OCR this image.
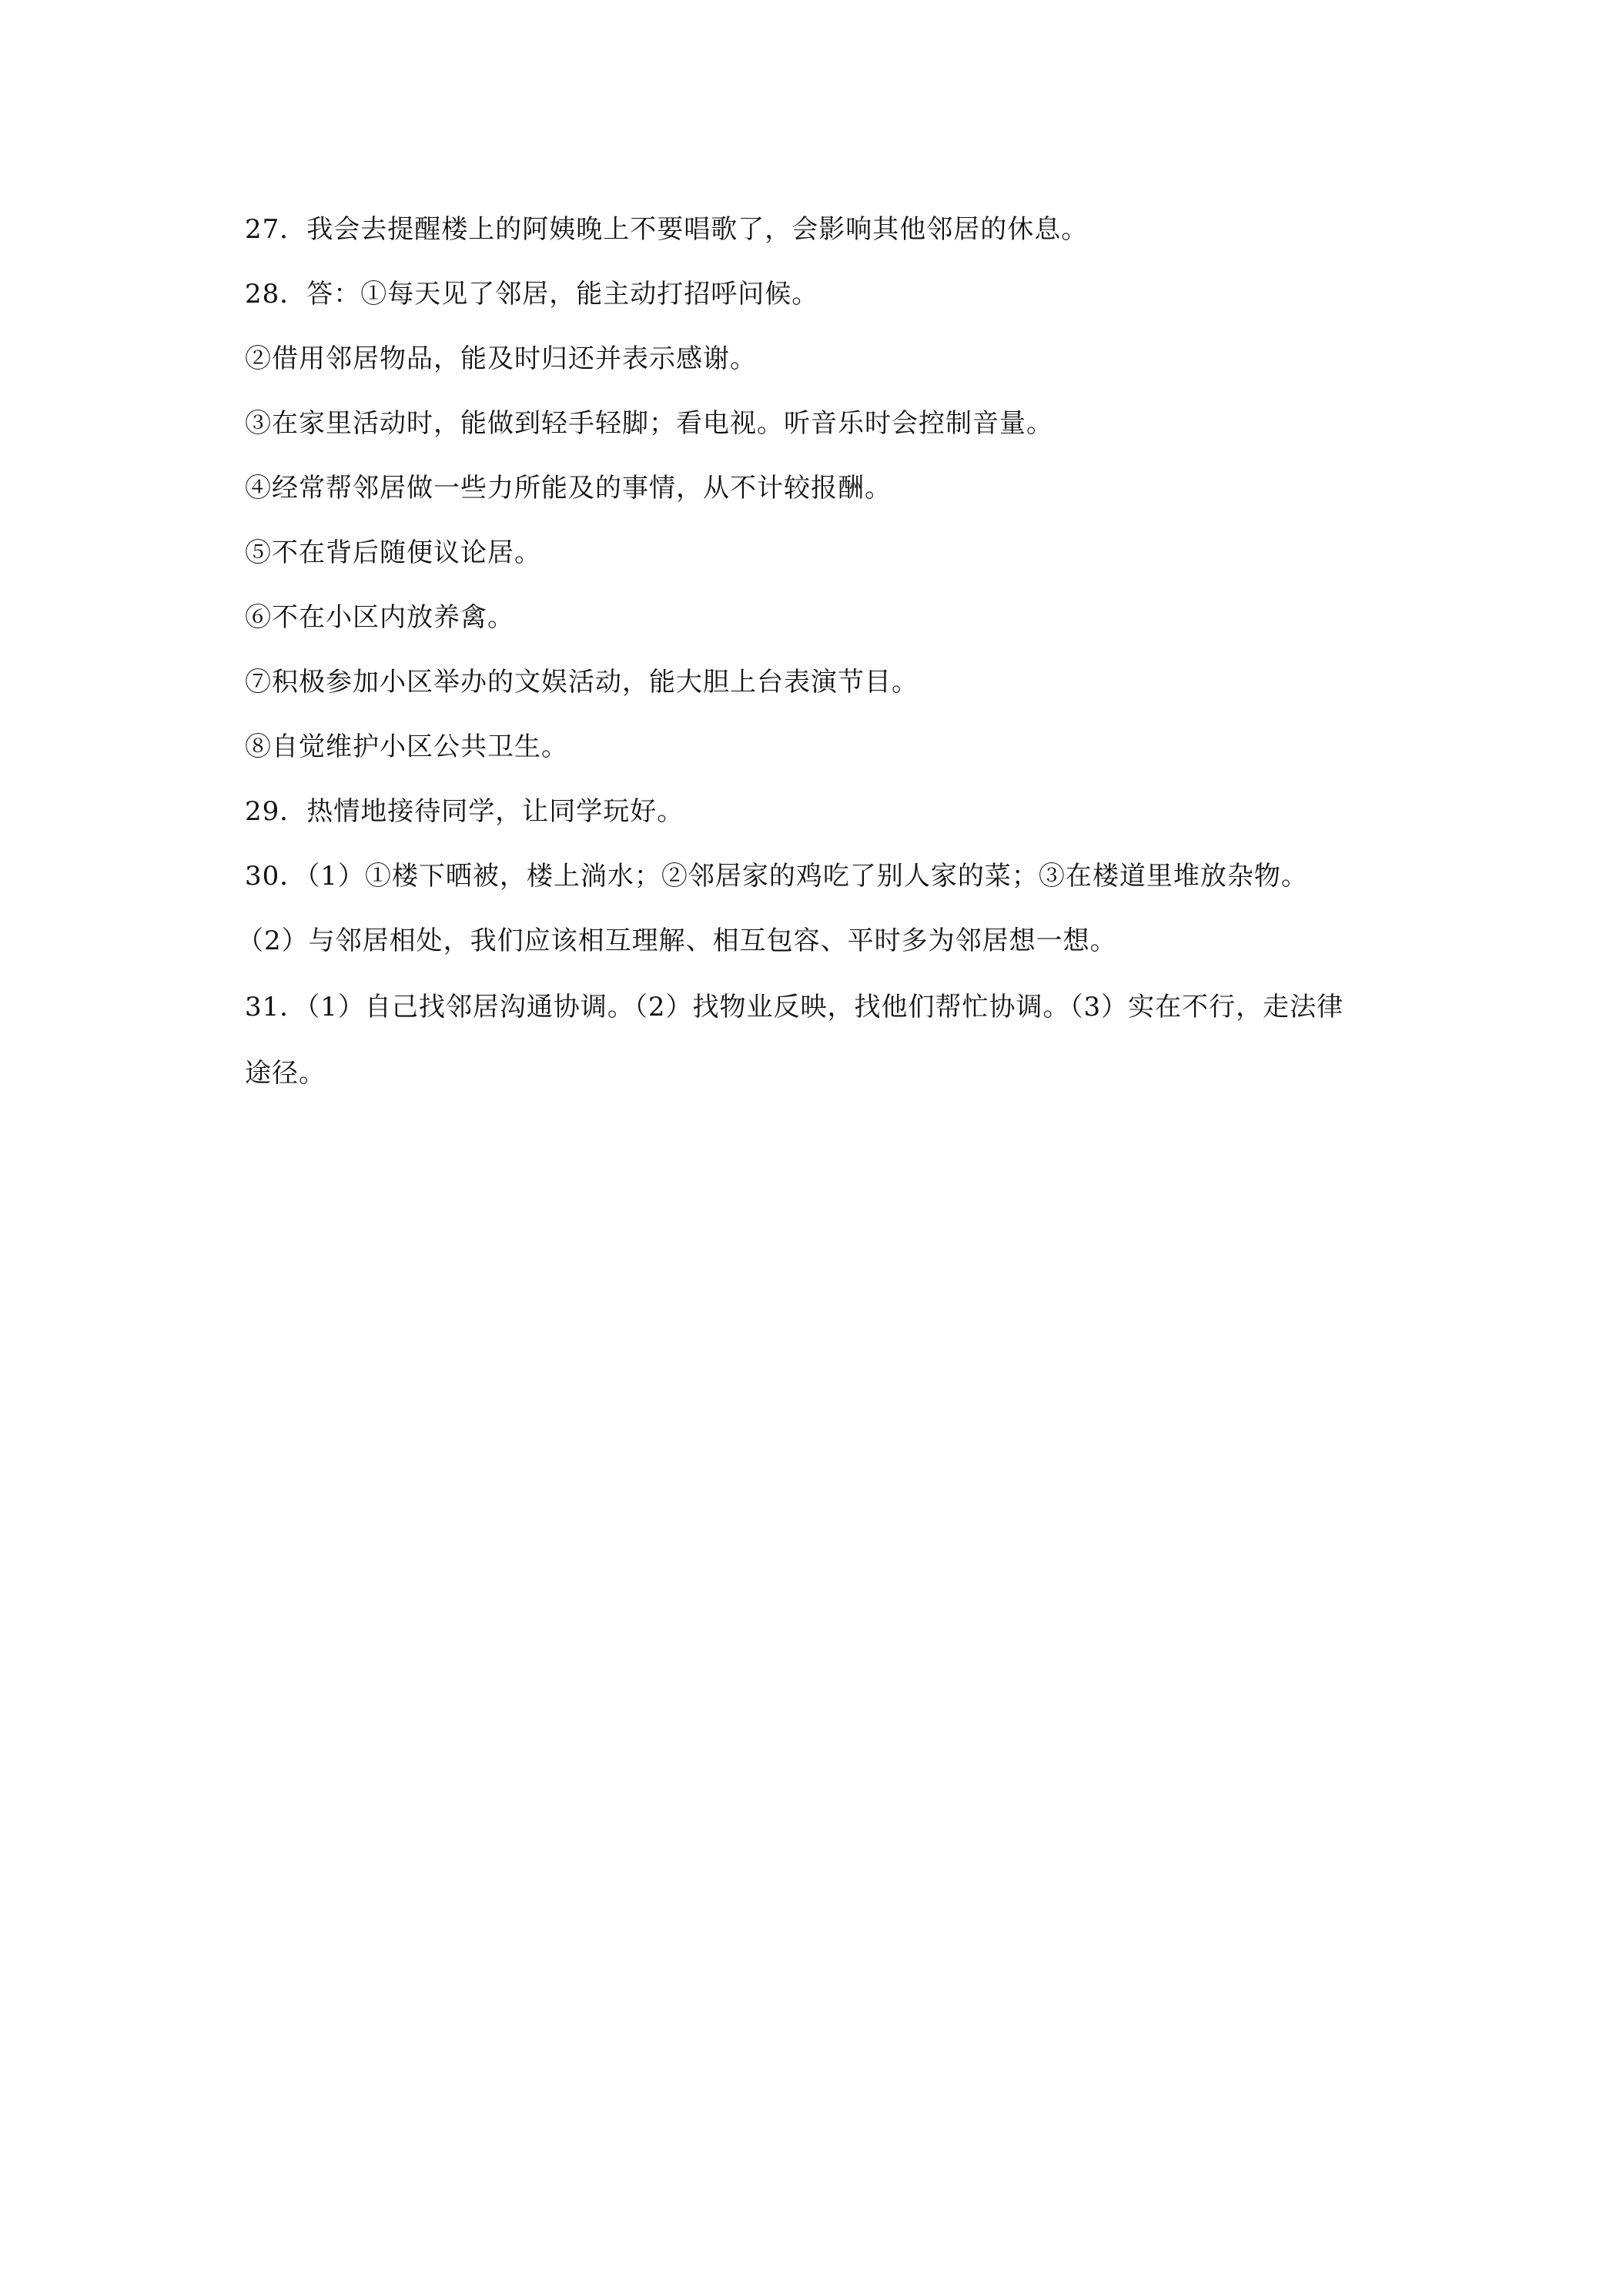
27．我会去提醒楼上的阿姨晚上不要唱歌了，会影响其他邻居的休息。
28．答：①每天见了邻居，能主动打招呼问候。
②借用邻居物品，能及时归还并表示感谢。
③在家里活动时，能做到轻手轻脚；看电视。听音乐时会控制音量。
④经常帮邻居做一些力所能及的事情，从不计较报酬。
⑤不在背后随便议论居。
⑥不在小区内放养禽。
⑦积极参加小区举办的文娱活动，能大胆上台表演节目。
⑧自觉维护小区公共卫生。
29．热情地接待同学，让同学玩好。
30．（1）①楼下晒被，楼上淌水；②邻居家的鸡吃了别人家的菜；③在楼道里堆放杂物。
（2）与邻居相处，我们应该相互理解、相互包容、平时多为邻居想一想。
31．（1）自己找邻居沟通协调。（2）找物业反映，找他们帮忙协调。（3）实在不行，走法律
途径。
